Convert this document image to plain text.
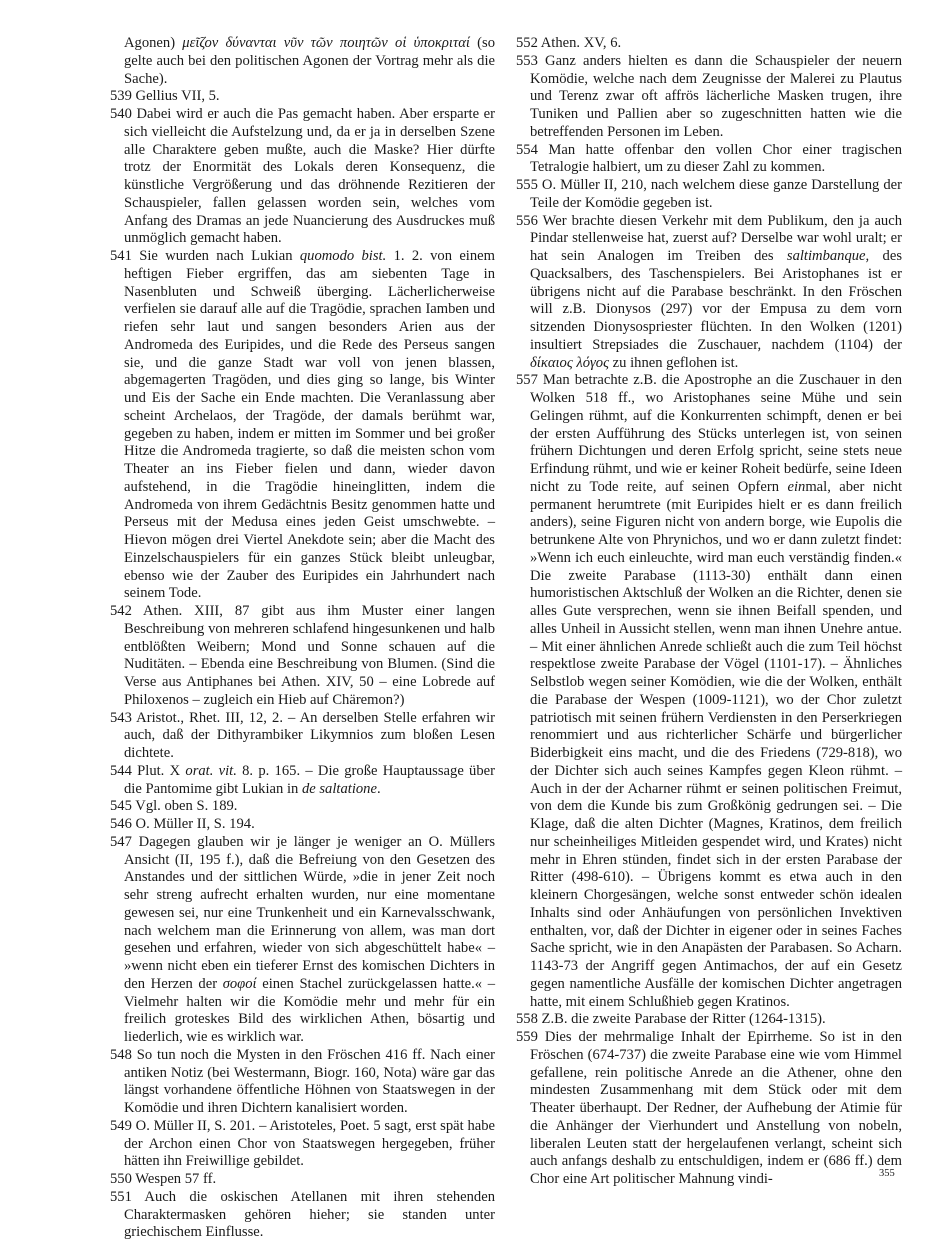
Agonen) μεῖζον δύνανται νῦν τῶν ποιητῶν οἱ ὑποκριταί (so gelte auch bei den politischen Agonen der Vortrag mehr als die Sache).

539 Gellius VII, 5.

540 Dabei wird er auch die Pas gemacht haben. Aber ersparte er sich vielleicht die Aufstelzung und, da er ja in derselben Szene alle Charaktere geben mußte, auch die Maske? Hier dürfte trotz der Enormität des Lokals deren Konsequenz, die künstliche Vergrößerung und das dröhnende Rezitieren der Schauspieler, fallen gelassen worden sein, welches vom Anfang des Dramas an jede Nuancierung des Ausdruckes muß unmöglich gemacht haben.

541 Sie wurden nach Lukian quomodo bist. 1. 2. von einem heftigen Fieber ergriffen, das am siebenten Tage in Nasenbluten und Schweiß überging. Lächerlicherweise verfielen sie darauf alle auf die Tragödie, sprachen Iamben und riefen sehr laut und sangen besonders Arien aus der Andromeda des Euripides, und die Rede des Perseus sangen sie, und die ganze Stadt war voll von jenen blassen, abgemagerten Tragöden, und dies ging so lange, bis Winter und Eis der Sache ein Ende machten. Die Veranlassung aber scheint Archelaos, der Tragöde, der damals berühmt war, gegeben zu haben, indem er mitten im Sommer und bei großer Hitze die Andromeda tragierte, so daß die meisten schon vom Theater an ins Fieber fielen und dann, wieder davon aufstehend, in die Tragödie hineinglitten, indem die Andromeda von ihrem Gedächtnis Besitz genommen hatte und Perseus mit der Medusa eines jeden Geist umschwebte. – Hievon mögen drei Viertel Anekdote sein; aber die Macht des Einzelschauspielers für ein ganzes Stück bleibt unleugbar, ebenso wie der Zauber des Euripides ein Jahrhundert nach seinem Tode.

542 Athen. XIII, 87 gibt aus ihm Muster einer langen Beschreibung von mehreren schlafend hingesunkenen und halb entblößten Weibern; Mond und Sonne schauen auf die Nuditäten. – Ebenda eine Beschreibung von Blumen. (Sind die Verse aus Antiphanes bei Athen. XIV, 50 – eine Lobrede auf Philoxenos – zugleich ein Hieb auf Chäremon?)

543 Aristot., Rhet. III, 12, 2. – An derselben Stelle erfahren wir auch, daß der Dithyrambiker Likymnios zum bloßen Lesen dichtete.

544 Plut. X orat. vit. 8. p. 165. – Die große Hauptaussage über die Pantomime gibt Lukian in de saltatione.

545 Vgl. oben S. 189.

546 O. Müller II, S. 194.

547 Dagegen glauben wir je länger je weniger an O. Müllers Ansicht (II, 195 f.), daß die Befreiung von den Gesetzen des Anstandes und der sittlichen Würde, »die in jener Zeit noch sehr streng aufrecht erhalten wurden, nur eine momentane gewesen sei, nur eine Trunkenheit und ein Karnevalsschwank, nach welchem man die Erinnerung von allem, was man dort gesehen und erfahren, wieder von sich abgeschüttelt habe« – »wenn nicht eben ein tieferer Ernst des komischen Dichters in den Herzen der σοφοί einen Stachel zurückgelassen hatte.« – Vielmehr halten wir die Komödie mehr und mehr für ein freilich groteskes Bild des wirklichen Athen, bösartig und liederlich, wie es wirklich war.

548 So tun noch die Mysten in den Fröschen 416 ff. Nach einer antiken Notiz (bei Westermann, Biogr. 160, Nota) wäre gar das längst vorhandene öffentliche Höhnen von Staatswegen in der Komödie und ihren Dichtern kanalisiert worden.

549 O. Müller II, S. 201. – Aristoteles, Poet. 5 sagt, erst spät habe der Archon einen Chor von Staatswegen hergegeben, früher hätten ihn Freiwillige gebildet.

550 Wespen 57 ff.

551 Auch die oskischen Atellanen mit ihren stehenden Charaktermasken gehören hieher; sie standen unter griechischem Einflusse.

552 Athen. XV, 6.

553 Ganz anders hielten es dann die Schauspieler der neuern Komödie, welche nach dem Zeugnisse der Malerei zu Plautus und Terenz zwar oft affrös lächerliche Masken trugen, ihre Tuniken und Pallien aber so zugeschnitten hatten wie die betreffenden Personen im Leben.

554 Man hatte offenbar den vollen Chor einer tragischen Tetralogie halbiert, um zu dieser Zahl zu kommen.

555 O. Müller II, 210, nach welchem diese ganze Darstellung der Teile der Komödie gegeben ist.

556 Wer brachte diesen Verkehr mit dem Publikum, den ja auch Pindar stellenweise hat, zuerst auf? Derselbe war wohl uralt; er hat sein Analogen im Treiben des saltimbanque, des Quacksalbers, des Taschenspielers. Bei Aristophanes ist er übrigens nicht auf die Parabase beschränkt. In den Fröschen will z.B. Dionysos (297) vor der Empusa zu dem vorn sitzenden Dionysospriester flüchten. In den Wolken (1201) insultiert Strepsiades die Zuschauer, nachdem (1104) der δίκαιος λόγος zu ihnen geflohen ist.

557 Man betrachte z.B. die Apostrophe an die Zuschauer in den Wolken 518 ff., wo Aristophanes seine Mühe und sein Gelingen rühmt, auf die Konkurrenten schimpft, denen er bei der ersten Aufführung des Stücks unterlegen ist, von seinen frühern Dichtungen und deren Erfolg spricht, seine stets neue Erfindung rühmt, und wie er keiner Roheit bedürfe, seine Ideen nicht zu Tode reite, auf seinen Opfern einmal, aber nicht permanent herumtrete (mit Euripides hielt er es dann freilich anders), seine Figuren nicht von andern borge, wie Eupolis die betrunkene Alte von Phrynichos, und wo er dann zuletzt findet: »Wenn ich euch einleuchte, wird man euch verständig finden.« Die zweite Parabase (1113-30) enthält dann einen humoristischen Aktschluß der Wolken an die Richter, denen sie alles Gute versprechen, wenn sie ihnen Beifall spenden, und alles Unheil in Aussicht stellen, wenn man ihnen Unehre antue. – Mit einer ähnlichen Anrede schließt auch die zum Teil höchst respektlose zweite Parabase der Vögel (1101-17). – Ähnliches Selbstlob wegen seiner Komödien, wie die der Wolken, enthält die Parabase der Wespen (1009-1121), wo der Chor zuletzt patriotisch mit seinen frühern Verdiensten in den Perserkriegen renommiert und aus richterlicher Schärfe und bürgerlicher Biderbigkeit eins macht, und die des Friedens (729-818), wo der Dichter sich auch seines Kampfes gegen Kleon rühmt. – Auch in der der Acharner rühmt er seinen politischen Freimut, von dem die Kunde bis zum Großkönig gedrungen sei. – Die Klage, daß die alten Dichter (Magnes, Kratinos, dem freilich nur scheinheiliges Mitleiden gespendet wird, und Krates) nicht mehr in Ehren stünden, findet sich in der ersten Parabase der Ritter (498-610). – Übrigens kommt es etwa auch in den kleinern Chorgesängen, welche sonst entweder schön idealen Inhalts sind oder Anhäufungen von persönlichen Invektiven enthalten, vor, daß der Dichter in eigener oder in seines Faches Sache spricht, wie in den Anapästen der Parabasen. So Acharn. 1143-73 der Angriff gegen Antimachos, der auf ein Gesetz gegen namentliche Ausfälle der komischen Dichter angetragen hatte, mit einem Schlußhieb gegen Kratinos.

558 Z.B. die zweite Parabase der Ritter (1264-1315).

559 Dies der mehrmalige Inhalt der Epirrheme. So ist in den Fröschen (674-737) die zweite Parabase eine wie vom Himmel gefallene, rein politische Anrede an die Athener, ohne den mindesten Zusammenhang mit dem Stück oder mit dem Theater überhaupt. Der Redner, der Aufhebung der Atimie für die Anhänger der Vierhundert und Anstellung von nobeln, liberalen Leuten statt der hergelaufenen verlangt, scheint sich auch anfangs deshalb zu entschuldigen, indem er (686 ff.) dem Chor eine Art politischer Mahnung vindi-	355
